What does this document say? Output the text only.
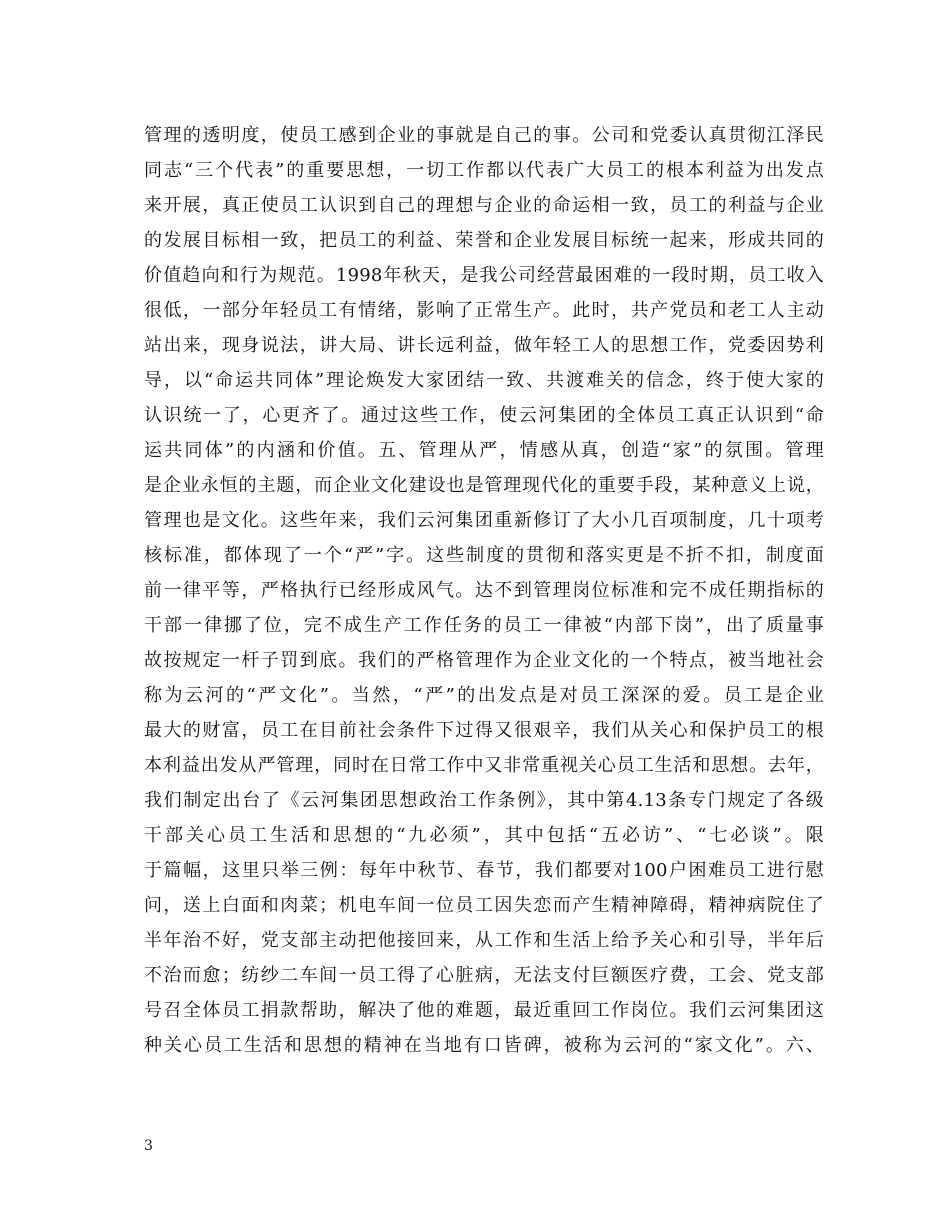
管理的透明度，使员工感到企业的事就是自己的事。公司和党委认真贯彻江泽民
同志“三个代表”的重要思想，一切工作都以代表广大员工的根本利益为出发点
来开展，真正使员工认识到自己的理想与企业的命运相一致，员工的利益与企业
的发展目标相一致，把员工的利益、荣誉和企业发展目标统一起来，形成共同的
价值趋向和行为规范。1998年秋天，是我公司经营最困难的一段时期，员工收入
很低，一部分年轻员工有情绪，影响了正常生产。此时，共产党员和老工人主动
站出来，现身说法，讲大局、讲长远利益，做年轻工人的思想工作，党委因势利
导，以“命运共同体”理论焕发大家团结一致、共渡难关的信念，终于使大家的
认识统一了，心更齐了。通过这些工作，使云河集团的全体员工真正认识到“命
运共同体”的内涵和价值。五、管理从严，情感从真，创造“家”的氛围。管理
是企业永恒的主题，而企业文化建设也是管理现代化的重要手段，某种意义上说，
管理也是文化。这些年来，我们云河集团重新修订了大小几百项制度，几十项考
核标准，都体现了一个“严”字。这些制度的贯彻和落实更是不折不扣，制度面
前一律平等，严格执行已经形成风气。达不到管理岗位标准和完不成任期指标的
干部一律挪了位，完不成生产工作任务的员工一律被“内部下岗”，出了质量事
故按规定一杆子罚到底。我们的严格管理作为企业文化的一个特点，被当地社会
称为云河的“严文化”。当然，“严”的出发点是对员工深深的爱。员工是企业
最大的财富，员工在目前社会条件下过得又很艰辛，我们从关心和保护员工的根
本利益出发从严管理，同时在日常工作中又非常重视关心员工生活和思想。去年，
我们制定出台了《云河集团思想政治工作条例》，其中第4.13条专门规定了各级
干部关心员工生活和思想的“九必须”，其中包括“五必访”、“七必谈”。限
于篇幅，这里只举三例：每年中秋节、春节，我们都要对100户困难员工进行慰
问，送上白面和肉菜；机电车间一位员工因失恋而产生精神障碍，精神病院住了
半年治不好，党支部主动把他接回来，从工作和生活上给予关心和引导，半年后
不治而愈；纺纱二车间一员工得了心脏病，无法支付巨额医疗费，工会、党支部
号召全体员工捐款帮助，解决了他的难题，最近重回工作岗位。我们云河集团这
种关心员工生活和思想的精神在当地有口皆碑，被称为云河的“家文化”。六、
3
